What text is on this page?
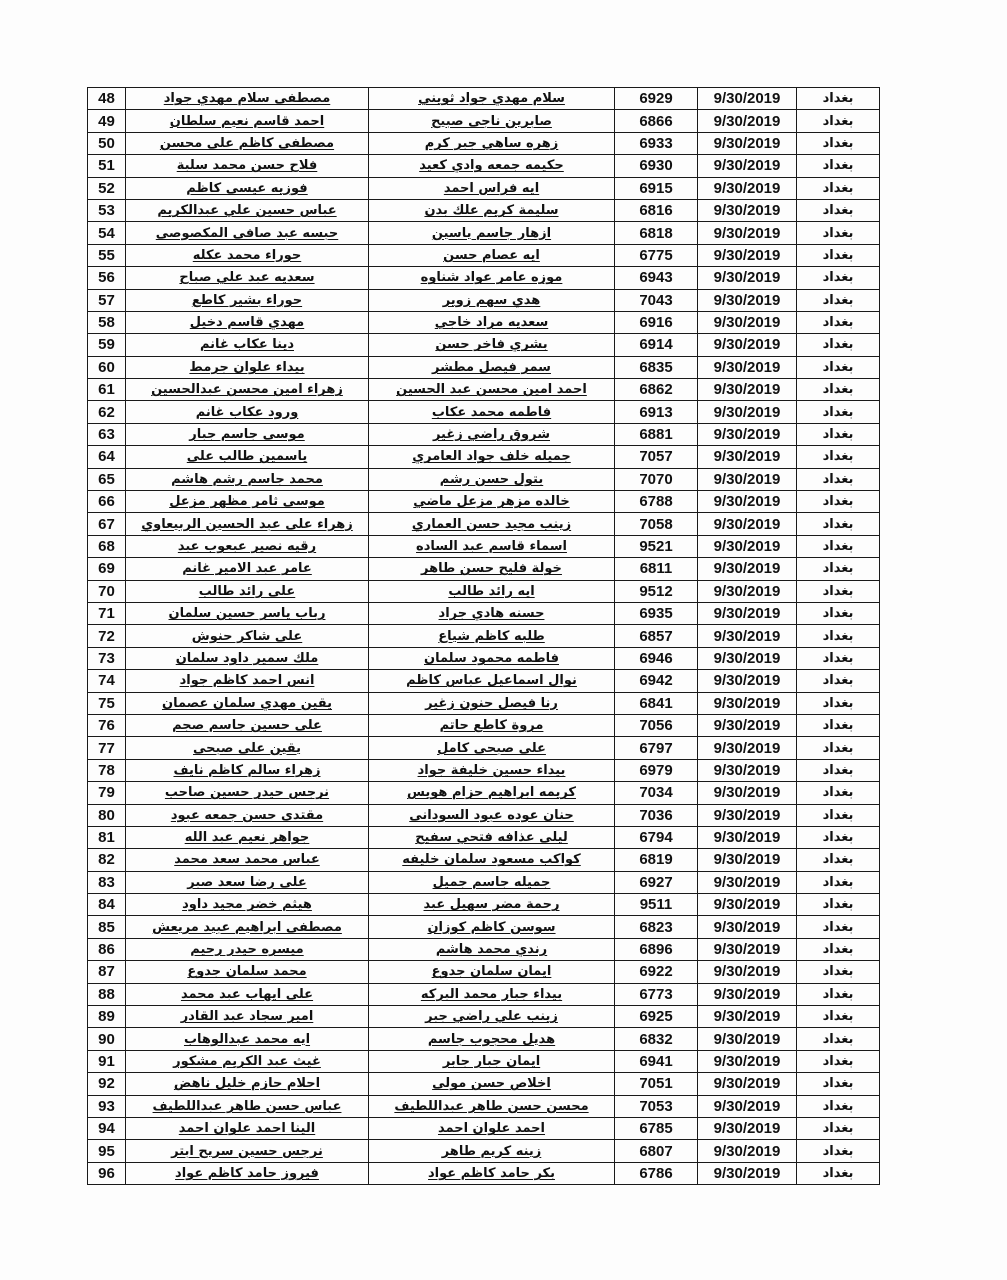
48	مصطفى سلام مهدي جواد	سلام مهدي جواد ثويني	6929	9/30/2019	بغداد
49	احمد قاسم نعيم سلطان	صابرين ناجي صبيح	6866	9/30/2019	بغداد
50	مصطفى كاظم على محسن	زهره ساهي جبر كرم	6933	9/30/2019	بغداد
51	فلاح حسن محمد سلبة	حكيمه جمعه وادي كعيد	6930	9/30/2019	بغداد
52	فوزيه عيسى كاظم	ايه فراس احمد	6915	9/30/2019	بغداد
53	عباس حسين علي عبدالكريم	سليمة كريم علك بدن	6816	9/30/2019	بغداد
54	حبسه عبد صافي المكصوصي	ازهار جاسم ياسين	6818	9/30/2019	بغداد
55	حوراء محمد عكله	ايه عصام حسن	6775	9/30/2019	بغداد
56	سعديه عبد علي صباح	موزه عامر عواد شناوه	6943	9/30/2019	بغداد
57	حوراء بشير كاطع	هدي سهم زوير	7043	9/30/2019	بغداد
58	مهدي قاسم دخيل	سعديه مراد خاجي	6916	9/30/2019	بغداد
59	دينا عكاب غانم	بشري فاخر حسن	6914	9/30/2019	بغداد
60	بيداء علوان جرمط	سمر فيصل مطشر	6835	9/30/2019	بغداد
61	زهراء امين محسن عبدالحسين	احمد امين محسن عبد الحسين	6862	9/30/2019	بغداد
62	ورود عكاب غانم	فاطمه محمد عكاب	6913	9/30/2019	بغداد
63	موسى جاسم جبار	شروق راضي زغير	6881	9/30/2019	بغداد
64	ياسمين طالب على	جميله خلف جواد العامري	7057	9/30/2019	بغداد
65	محمد جاسم رشم هاشم	بتول حسن رشم	7070	9/30/2019	بغداد
66	موسى ثامر مظهر مزعل	خالده مزهر مزعل ماضي	6788	9/30/2019	بغداد
67	زهراء على عبد الحسين الربيعاوي	زينب مجيد حسن العماري	7058	9/30/2019	بغداد
68	رقيه نصير عبعوب عبد	اسماء قاسم عبد الساده	9521	9/30/2019	بغداد
69	عامر عبد الامير غانم	خولة فليح حسن طاهر	6811	9/30/2019	بغداد
70	على رائد طالب	ايه رائد طالب	9512	9/30/2019	بغداد
71	رباب ياسر حسين سلمان	حسنه هادي جراد	6935	9/30/2019	بغداد
72	على شاكر حنوش	طلبه كاظم شياع	6857	9/30/2019	بغداد
73	ملك سمير داود سلمان	فاطمه محمود سلمان	6946	9/30/2019	بغداد
74	انس احمد كاظم جواد	نوال اسماعيل عباس كاظم	6942	9/30/2019	بغداد
75	يقين مهدي سلمان عصمان	رنا فيصل حنون زغير	6841	9/30/2019	بغداد
76	على حسين جاسم صجم	مروة كاطع حاتم	7056	9/30/2019	بغداد
77	يقين علي صبحي	علي صبحي كامل	6797	9/30/2019	بغداد
78	زهراء سالم كاظم نايف	بيداء حسين خليفة جواد	6979	9/30/2019	بغداد
79	نرجس حيدر حسين صاحب	كريمه ابراهيم حزام هويس	7034	9/30/2019	بغداد
80	مقتدى حسن جمعه عبود	حنان عوده عبود السوداني	7036	9/30/2019	بغداد
81	جواهر نعيم عبد الله	ليلى عذافه فتحي سفيح	6794	9/30/2019	بغداد
82	عباس محمد سعد محمد	كواكب مسعود سلمان خليفه	6819	9/30/2019	بغداد
83	على رضا سعد صبر	جميله جاسم جميل	6927	9/30/2019	بغداد
84	هيثم خضر مجيد داود	رحمة مضر سهيل عبد	9511	9/30/2019	بغداد
85	مصطفى ابراهيم عبيد مريعش	سوسن كاظم كوزان	6823	9/30/2019	بغداد
86	ميسره حيدر رحيم	رندي محمد هاشم	6896	9/30/2019	بغداد
87	محمد سلمان جدوع	ايمان سلمان جدوع	6922	9/30/2019	بغداد
88	على ايهاب عبد محمد	بيداء جبار محمد البركه	6773	9/30/2019	بغداد
89	امير سجاد عبد القادر	زينب علي راضي جبر	6925	9/30/2019	بغداد
90	ايه محمد عبدالوهاب	هديل محجوب جاسم	6832	9/30/2019	بغداد
91	غيث عبد الكريم مشكور	ايمان جبار جابر	6941	9/30/2019	بغداد
92	احلام حازم خليل ناهض	اخلاص حسن مولى	7051	9/30/2019	بغداد
93	عباس حسن طاهر عبداللطيف	محسن حسن طاهر عبداللطيف	7053	9/30/2019	بغداد
94	الينا احمد علوان احمد	احمد علوان احمد	6785	9/30/2019	بغداد
95	نرجس حسين سريح ابتر	زينه كريم طاهر	6807	9/30/2019	بغداد
96	فيروز حامد كاظم عواد	بكر حامد كاظم عواد	6786	9/30/2019	بغداد
